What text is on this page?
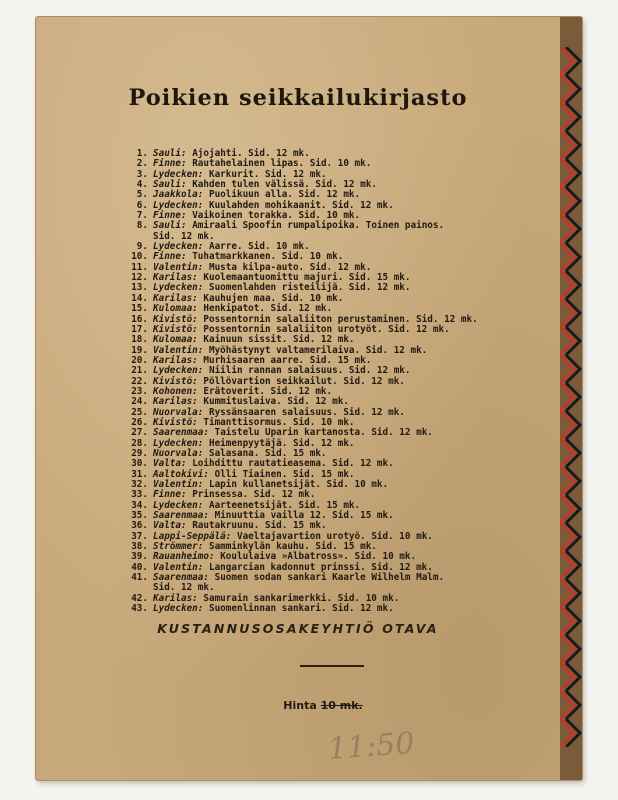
Poikien seikkailukirjasto
1. Sauli: Ajojahti. Sid. 12 mk.
2. Finne: Rautahelainen lipas. Sid. 10 mk.
3. Lydecken: Karkurit. Sid. 12 mk.
4. Sauli: Kahden tulen välissä. Sid. 12 mk.
5. Jaakkola: Puolikuun alla. Sid. 12 mk.
6. Lydecken: Kuulahden mohikaanit. Sid. 12 mk.
7. Finne: Vaikoinen torakka. Sid. 10 mk.
8. Sauli: Amiraali Spoofin rumpalipoika. Toinen painos.
Sid. 12 mk.
9. Lydecken: Aarre. Sid. 10 mk.
10. Finne: Tuhatmarkkanen. Sid. 10 mk.
11. Valentin: Musta kilpa-auto. Sid. 12 mk.
12. Karilas: Kuolemaantuomittu majuri. Sid. 15 mk.
13. Lydecken: Suomenlahden risteilijä. Sid. 12 mk.
14. Karilas: Kauhujen maa. Sid. 10 mk.
15. Kulomaa: Henkipatot. Sid. 12 mk.
16. Kivistö: Possentornin salaliiton perustaminen. Sid. 12 mk.
17. Kivistö: Possentornin salaliiton urotyöt. Sid. 12 mk.
18. Kulomaa: Kainuun sissit. Sid. 12 mk.
19. Valentin: Myöhästynyt valtamerilaiva. Sid. 12 mk.
20. Karilas: Murhisaaren aarre. Sid. 15 mk.
21. Lydecken: Niilin rannan salaisuus. Sid. 12 mk.
22. Kivistö: Pöllövartion seikkailut. Sid. 12 mk.
23. Kohonen: Erätoverit. Sid. 12 mk.
24. Karilas: Kummituslaiva. Sid. 12 mk.
25. Nuorvala: Ryssänsaaren salaisuus. Sid. 12 mk.
26. Kivistö: Timanttisormus. Sid. 10 mk.
27. Saarenmaa: Taistelu Uparin kartanosta. Sid. 12 mk.
28. Lydecken: Heimenpyytäjä. Sid. 12 mk.
29. Nuorvala: Salasana. Sid. 15 mk.
30. Valta: Loihdittu rautatieasema. Sid. 12 mk.
31. Aaltokivi: Olli Tiainen. Sid. 15 mk.
32. Valentin: Lapin kullanetsijät. Sid. 10 mk.
33. Finne: Prinsessa. Sid. 12 mk.
34. Lydecken: Aarteenetsijät. Sid. 15 mk.
35. Saarenmaa: Minuuttia vailla 12. Sid. 15 mk.
36. Valta: Rautakruunu. Sid. 15 mk.
37. Lappi-Seppälä: Vaeltajavartion urotyö. Sid. 10 mk.
38. Strömmer: Samminkylän kauhu. Sid. 15 mk.
39. Rauanheimo: Koululaiva »Albatross». Sid. 10 mk.
40. Valentin: Langarcian kadonnut prinssi. Sid. 12 mk.
41. Saarenmaa: Suomen sodan sankari Kaarle Wilhelm Malm.
Sid. 12 mk.
42. Karilas: Samurain sankarimerkki. Sid. 10 mk.
43. Lydecken: Suomenlinnan sankari. Sid. 12 mk.
KUSTANNUSOSAKEYHTIÖ OTAVA
Hinta 10 mk.
11:50
